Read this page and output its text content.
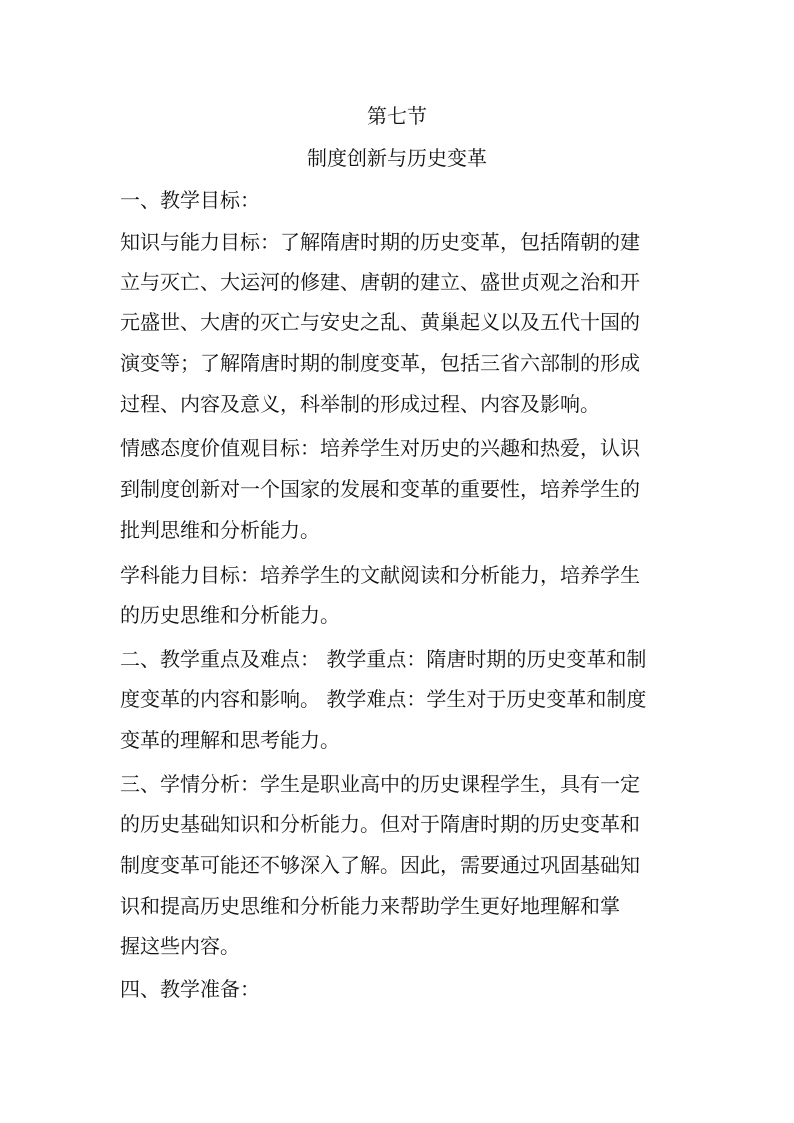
第七节
制度创新与历史变革
一、教学目标：
知识与能力目标：了解隋唐时期的历史变革，包括隋朝的建
立与灭亡、大运河的修建、唐朝的建立、盛世贞观之治和开
元盛世、大唐的灭亡与安史之乱、黄巢起义以及五代十国的
演变等；了解隋唐时期的制度变革，包括三省六部制的形成
过程、内容及意义，科举制的形成过程、内容及影响。
情感态度价值观目标：培养学生对历史的兴趣和热爱，认识
到制度创新对一个国家的发展和变革的重要性，培养学生的
批判思维和分析能力。
学科能力目标：培养学生的文献阅读和分析能力，培养学生
的历史思维和分析能力。
二、教学重点及难点： 教学重点：隋唐时期的历史变革和制
度变革的内容和影响。 教学难点：学生对于历史变革和制度
变革的理解和思考能力。
三、学情分析：学生是职业高中的历史课程学生，具有一定
的历史基础知识和分析能力。但对于隋唐时期的历史变革和
制度变革可能还不够深入了解。因此，需要通过巩固基础知
识和提高历史思维和分析能力来帮助学生更好地理解和掌
握这些内容。
四、教学准备：
